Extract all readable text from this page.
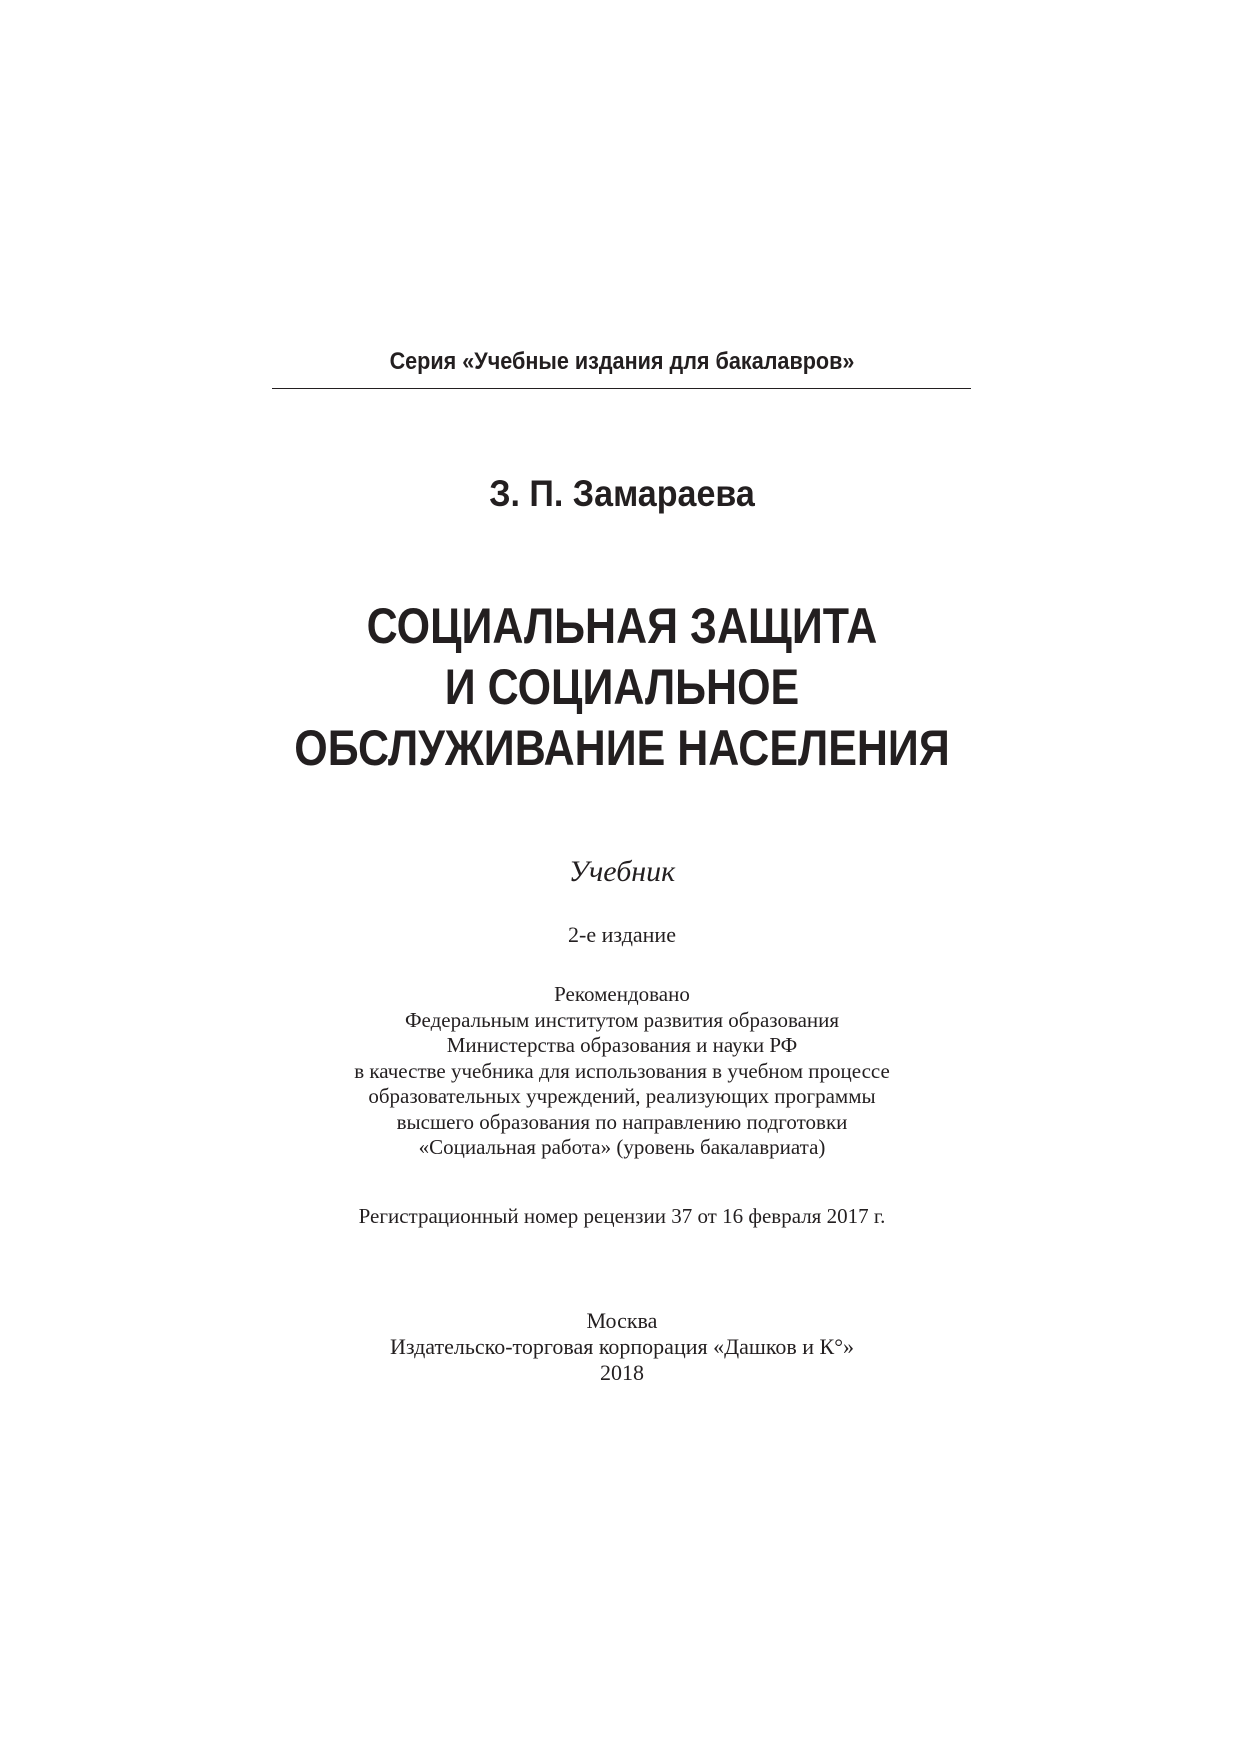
Серия «Учебные издания для бакалавров»
З. П. Замараева
СОЦИАЛЬНАЯ ЗАЩИТА
И СОЦИАЛЬНОЕ
ОБСЛУЖИВАНИЕ НАСЕЛЕНИЯ
Учебник
2-е издание
Рекомендовано
Федеральным институтом развития образования
Министерства образования и науки РФ
в качестве учебника для использования в учебном процессе
образовательных учреждений, реализующих программы
высшего образования по направлению подготовки
«Социальная работа» (уровень бакалавриата)
Регистрационный номер рецензии 37 от 16 февраля 2017 г.
Москва
Издательско-торговая корпорация «Дашков и К°»
2018
